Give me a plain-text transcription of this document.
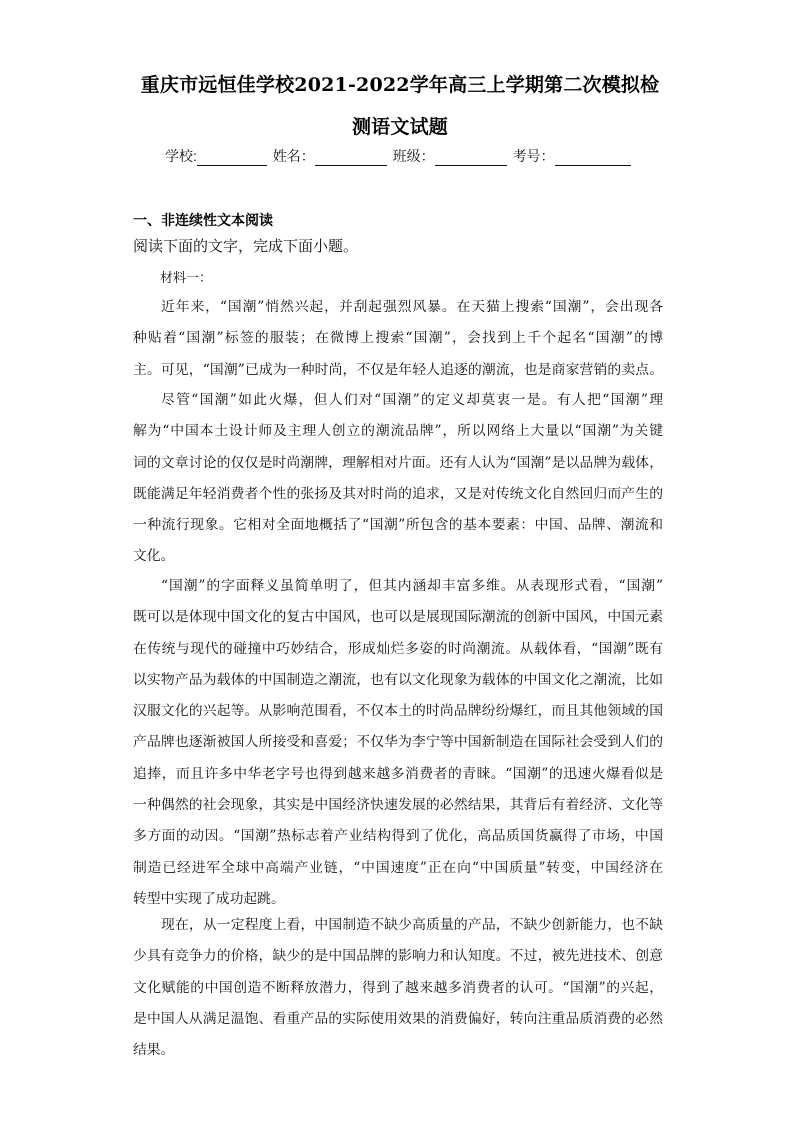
重庆市远恒佳学校2021-2022学年高三上学期第二次模拟检
测语文试题
学校:	姓名：	班级：	考号：
一、非连续性文本阅读
阅读下面的文字，完成下面小题。
材料一：
近年来，“国潮”悄然兴起，并刮起强烈风暴。在天猫上搜索“国潮”，会出现各
种贴着“国潮”标签的服装；在微博上搜索“国潮”，会找到上千个起名“国潮”的博
主。可见，“国潮”已成为一种时尚，不仅是年轻人追逐的潮流，也是商家营销的卖点。
尽管“国潮”如此火爆，但人们对“国潮”的定义却莫衷一是。有人把“国潮”理
解为“中国本土设计师及主理人创立的潮流品牌”，所以网络上大量以“国潮”为关键
词的文章讨论的仅仅是时尚潮牌，理解相对片面。还有人认为“国潮”是以品牌为载体，
既能满足年轻消费者个性的张扬及其对时尚的追求，又是对传统文化自然回归而产生的
一种流行现象。它相对全面地概括了“国潮”所包含的基本要素：中国、品牌、潮流和
文化。
“国潮”的字面释义虽简单明了，但其内涵却丰富多维。从表现形式看，“国潮”
既可以是体现中国文化的复古中国风，也可以是展现国际潮流的创新中国风，中国元素
在传统与现代的碰撞中巧妙结合，形成灿烂多姿的时尚潮流。从载体看，“国潮”既有
以实物产品为载体的中国制造之潮流，也有以文化现象为载体的中国文化之潮流，比如
汉服文化的兴起等。从影响范围看，不仅本土的时尚品牌纷纷爆红，而且其他领域的国
产品牌也逐渐被国人所接受和喜爱；不仅华为李宁等中国新制造在国际社会受到人们的
追捧，而且许多中华老字号也得到越来越多消费者的青睐。“国潮”的迅速火爆看似是
一种偶然的社会现象，其实是中国经济快速发展的必然结果，其背后有着经济、文化等
多方面的动因。“国潮”热标志着产业结构得到了优化，高品质国货赢得了市场，中国
制造已经进军全球中高端产业链，“中国速度”正在向“中国质量”转变，中国经济在
转型中实现了成功起跳。
现在，从一定程度上看，中国制造不缺少高质量的产品，不缺少创新能力，也不缺
少具有竞争力的价格，缺少的是中国品牌的影响力和认知度。不过，被先进技术、创意
文化赋能的中国创造不断释放潜力，得到了越来越多消费者的认可。“国潮”的兴起，
是中国人从满足温饱、看重产品的实际使用效果的消费偏好，转向注重品质消费的必然
结果。
